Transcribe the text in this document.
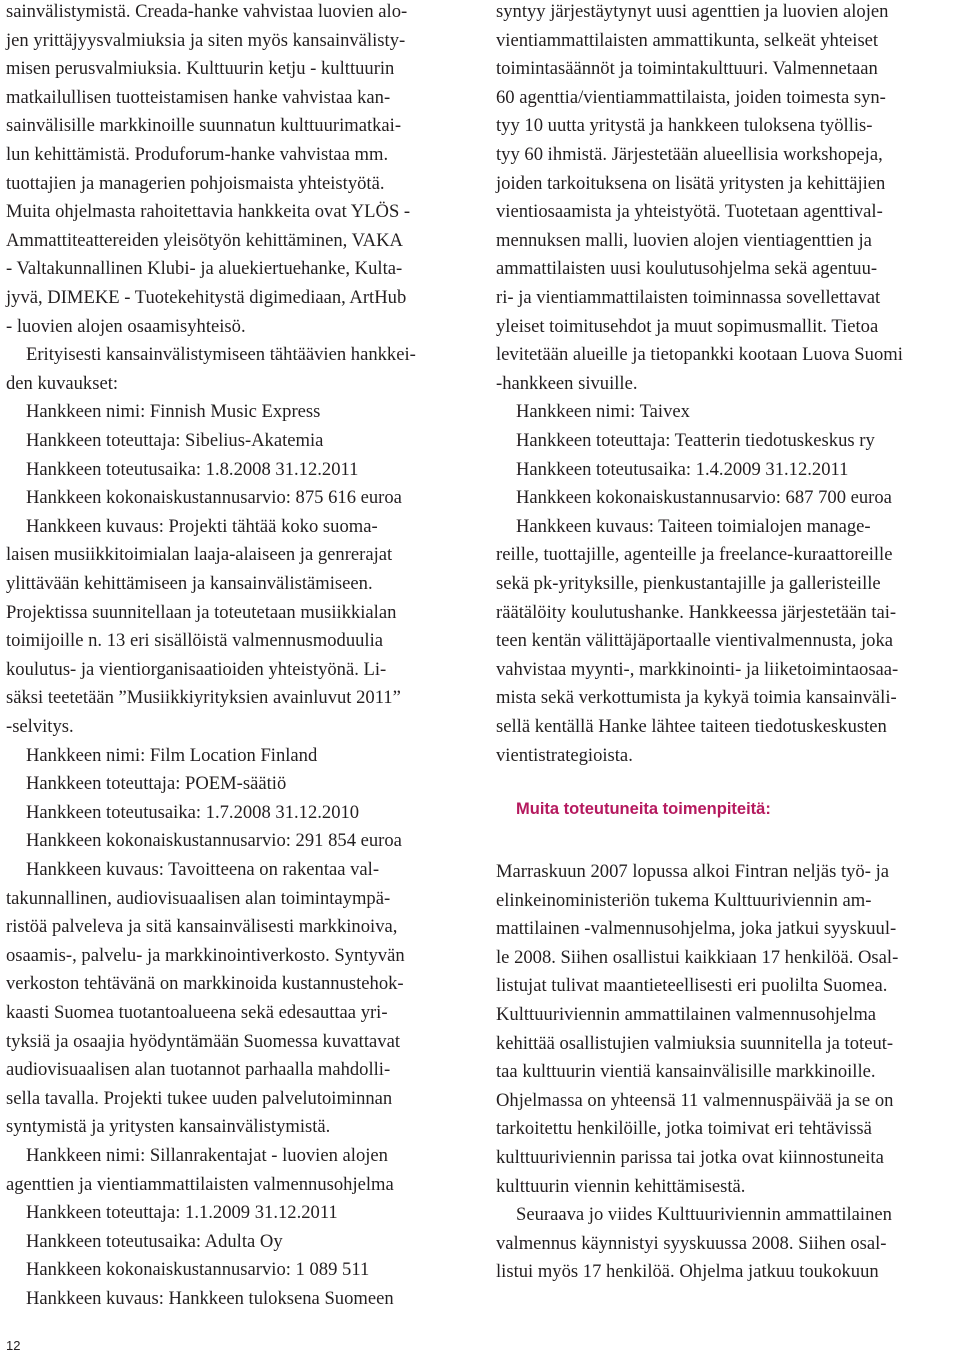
sainvälistymistä. Creada-hanke vahvistaa luovien alo-
jen yrittäjyysvalmiuksia ja siten myös kansainvälisty-
misen perusvalmiuksia. Kulttuurin ketju - kulttuurin
matkailullisen tuotteistamisen hanke vahvistaa kan-
sainvälisille markkinoille suunnatun kulttuurimatkai-
lun kehittämistä. Produforum-hanke vahvistaa mm.
tuottajien ja managerien pohjoismaista yhteistyötä.
Muita ohjelmasta rahoitettavia hankkeita ovat YLÖS -
Ammattiteattereiden yleisötyön kehittäminen, VAKA
- Valtakunnallinen Klubi- ja aluekiertuehanke, Kulta-
jyvä, DIMEKE - Tuotekehitystä digimediaan, ArtHub
- luovien alojen osaamisyhteisö.
Erityisesti kansainvälistymiseen tähtäävien hankkei-
den kuvaukset:
Hankkeen nimi: Finnish Music Express
Hankkeen toteuttaja: Sibelius-Akatemia
Hankkeen toteutusaika: 1.8.2008 31.12.2011
Hankkeen kokonaiskustannusarvio: 875 616 euroa
Hankkeen kuvaus: Projekti tähtää koko suoma-
laisen musiikkitoimialan laaja-alaiseen ja genrerajat
ylittävään kehittämiseen ja kansainvälistämiseen.
Projektissa suunnitellaan ja toteutetaan musiikkialan
toimijoille n. 13 eri sisällöistä valmennusmoduulia
koulutus- ja vientiorganisaatioiden yhteistyönä. Li-
säksi teetetään ”Musiikkiyrityksien avainluvut 2011”
-selvitys.
Hankkeen nimi: Film Location Finland
Hankkeen toteuttaja: POEM-säätiö
Hankkeen toteutusaika: 1.7.2008 31.12.2010
Hankkeen kokonaiskustannusarvio: 291 854 euroa
Hankkeen kuvaus: Tavoitteena on rakentaa val-
takunnallinen, audiovisuaalisen alan toimintaympä-
ristöä palveleva ja sitä kansainvälisesti markkinoiva,
osaamis-, palvelu- ja markkinointiverkosto. Syntyvän
verkoston tehtävänä on markkinoida kustannustehok-
kaasti Suomea tuotantoalueena sekä edesauttaa yri-
tyksiä ja osaajia hyödyntämään Suomessa kuvattavat
audiovisuaalisen alan tuotannot parhaalla mahdolli-
sella tavalla. Projekti tukee uuden palvelutoiminnan
syntymistä ja yritysten kansainvälistymistä.
Hankkeen nimi: Sillanrakentajat - luovien alojen
agenttien ja vientiammattilaisten valmennusohjelma
Hankkeen toteuttaja: 1.1.2009 31.12.2011
Hankkeen toteutusaika: Adulta Oy
Hankkeen kokonaiskustannusarvio: 1 089 511
Hankkeen kuvaus: Hankkeen tuloksena Suomeen
Muita toteutuneita toimenpiteitä:
syntyy järjestäytynyt uusi agenttien ja luovien alojen
vientiammattilaisten ammattikunta, selkeät yhteiset
toimintasäännöt ja toimintakulttuuri. Valmennetaan
60 agenttia/vientiammattilaista, joiden toimesta syn-
tyy 10 uutta yritystä ja hankkeen tuloksena työllis-
tyy 60 ihmistä. Järjestetään alueellisia workshopeja,
joiden tarkoituksena on lisätä yritysten ja kehittäjien
vientiosaamista ja yhteistyötä. Tuotetaan agenttival-
mennuksen malli, luovien alojen vientiagenttien ja
ammattilaisten uusi koulutusohjelma sekä agentuu-
ri- ja vientiammattilaisten toiminnassa sovellettavat
yleiset toimitusehdot ja muut sopimusmallit. Tietoa
levitetään alueille ja tietopankki kootaan Luova Suomi
-hankkeen sivuille.
Hankkeen nimi: Taivex
Hankkeen toteuttaja: Teatterin tiedotuskeskus ry
Hankkeen toteutusaika: 1.4.2009 31.12.2011
Hankkeen kokonaiskustannusarvio: 687 700 euroa
Hankkeen kuvaus: Taiteen toimialojen manage-
reille, tuottajille, agenteille ja freelance-kuraattoreille
sekä pk-yrityksille, pienkustantajille ja galleristeille
räätälöity koulutushanke. Hankkeessa järjestetään tai-
teen kentän välittäjäportaalle vientivalmennusta, joka
vahvistaa myynti-, markkinointi- ja liiketoimintaosaa-
mista sekä verkottumista ja kykyä toimia kansainväli-
sellä kentällä Hanke lähtee taiteen tiedotuskeskusten
vientistrategioista.
Marraskuun 2007 lopussa alkoi Fintran neljäs työ- ja
elinkeinoministeriön tukema Kulttuuriviennin am-
mattilainen -valmennusohjelma, joka jatkui syyskuul-
le 2008. Siihen osallistui kaikkiaan 17 henkilöä. Osal-
listujat tulivat maantieteellisesti eri puolilta Suomea.
Kulttuuriviennin ammattilainen valmennusohjelma
kehittää osallistujien valmiuksia suunnitella ja toteut-
taa kulttuurin vientiä kansainvälisille markkinoille.
Ohjelmassa on yhteensä 11 valmennuspäivää ja se on
tarkoitettu henkilöille, jotka toimivat eri tehtävissä
kulttuuriviennin parissa tai jotka ovat kiinnostuneita
kulttuurin viennin kehittämisestä.
Seuraava jo viides Kulttuuriviennin ammattilainen
valmennus käynnistyi syyskuussa 2008. Siihen osal-
listui myös 17 henkilöä. Ohjelma jatkuu toukokuun
12
